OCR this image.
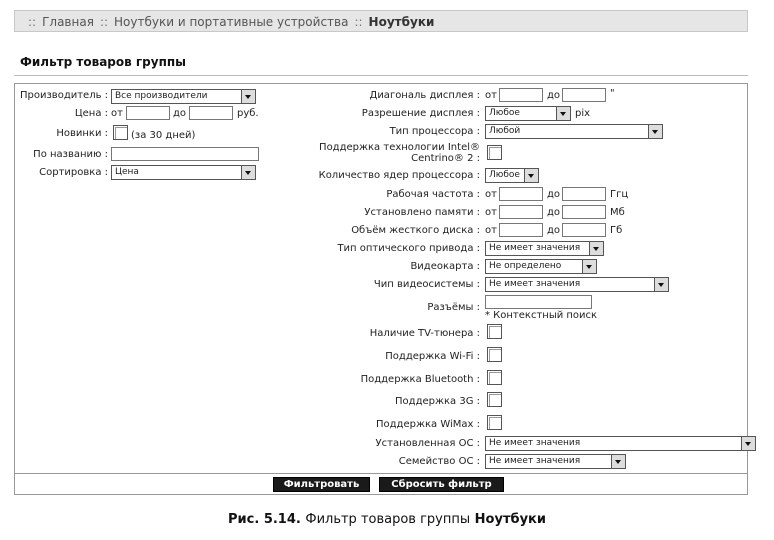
:: Главная :: Ноутбуки и портативные устройства :: Ноутбуки
Фильтр товаров группы
Производитель : Все производители
Цена : от	до	руб.
Новинки : (за 30 дней)
По названию :
Сортировка : Цена
Диагональ дисплея : от	до	"
Разрешение дисплея :	Любое	pix
Тип процессора :	Любой
Поддержка технологии Intel®
Centrino® 2 :
Количество ядер процессора :	Любое
Рабочая частота : от	до	Ггц
Установлено памяти : от	до	Мб
Объём жесткого диска : от	до	Гб
Тип оптического привода :	Не имеет значения
Видеокарта :	Не определено
Чип видеосистемы :	Не имеет значения
Разъёмы :
* Контекстный поиск
Наличие TV-тюнера :
Поддержка Wi-Fi :
Поддержка Bluetooth :
Поддержка 3G :
Поддержка WiMax :
Установленная ОС :	Не имеет значения
Семейство ОС :	Не имеет значения
Фильтровать	Сбросить фильтр
Рис. 5.14. Фильтр товаров группы Ноутбуки
